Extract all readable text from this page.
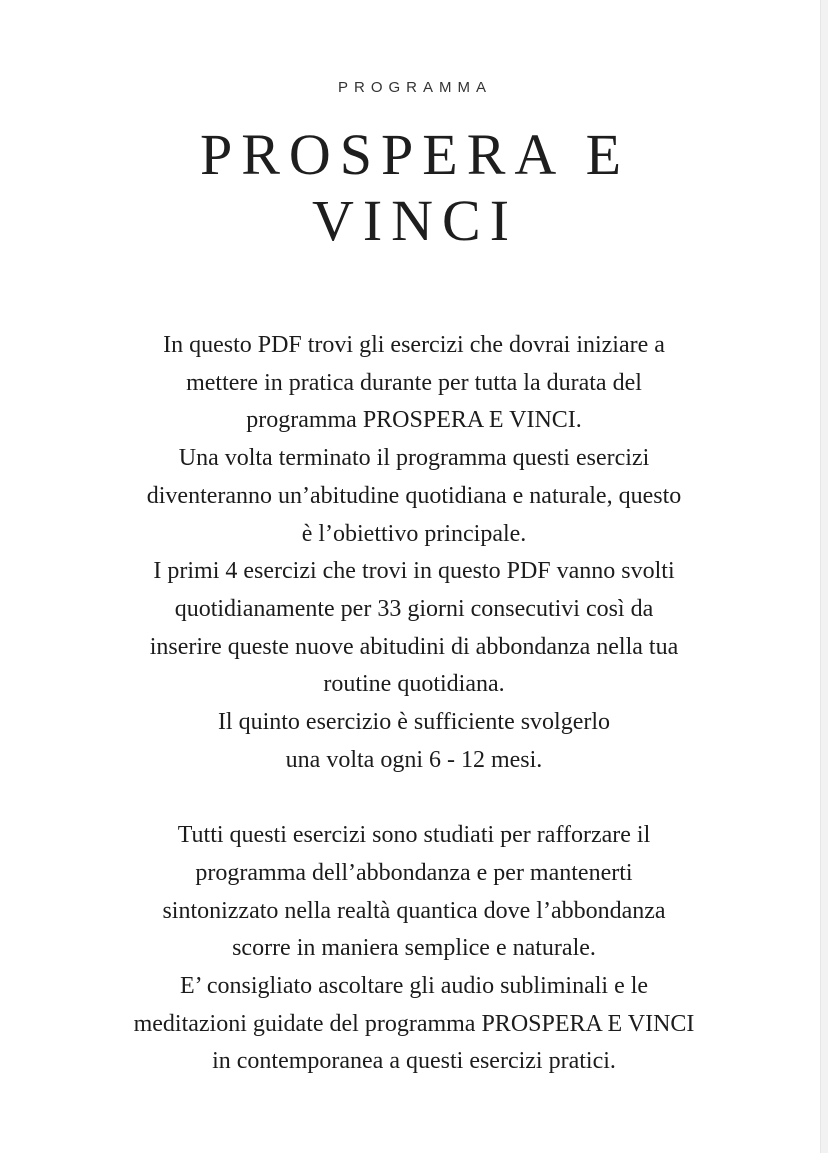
PROGRAMMA
PROSPERA E
VINCI
In questo PDF trovi gli esercizi che dovrai iniziare a
mettere in pratica durante per tutta la durata del
programma PROSPERA E VINCI.
Una volta terminato il programma questi esercizi
diventeranno un’abitudine quotidiana e naturale, questo
è l’obiettivo principale.
I primi 4 esercizi che trovi in questo PDF vanno svolti
quotidianamente per 33 giorni consecutivi così da
inserire queste nuove abitudini di abbondanza nella tua
routine quotidiana.
Il quinto esercizio è sufficiente svolgerlo
una volta ogni 6 - 12 mesi.
Tutti questi esercizi sono studiati per rafforzare il
programma dell’abbondanza e per mantenerti
sintonizzato nella realtà quantica dove l’abbondanza
scorre in maniera semplice e naturale.
E’ consigliato ascoltare gli audio subliminali e le
meditazioni guidate del programma PROSPERA E VINCI
in contemporanea a questi esercizi pratici.
